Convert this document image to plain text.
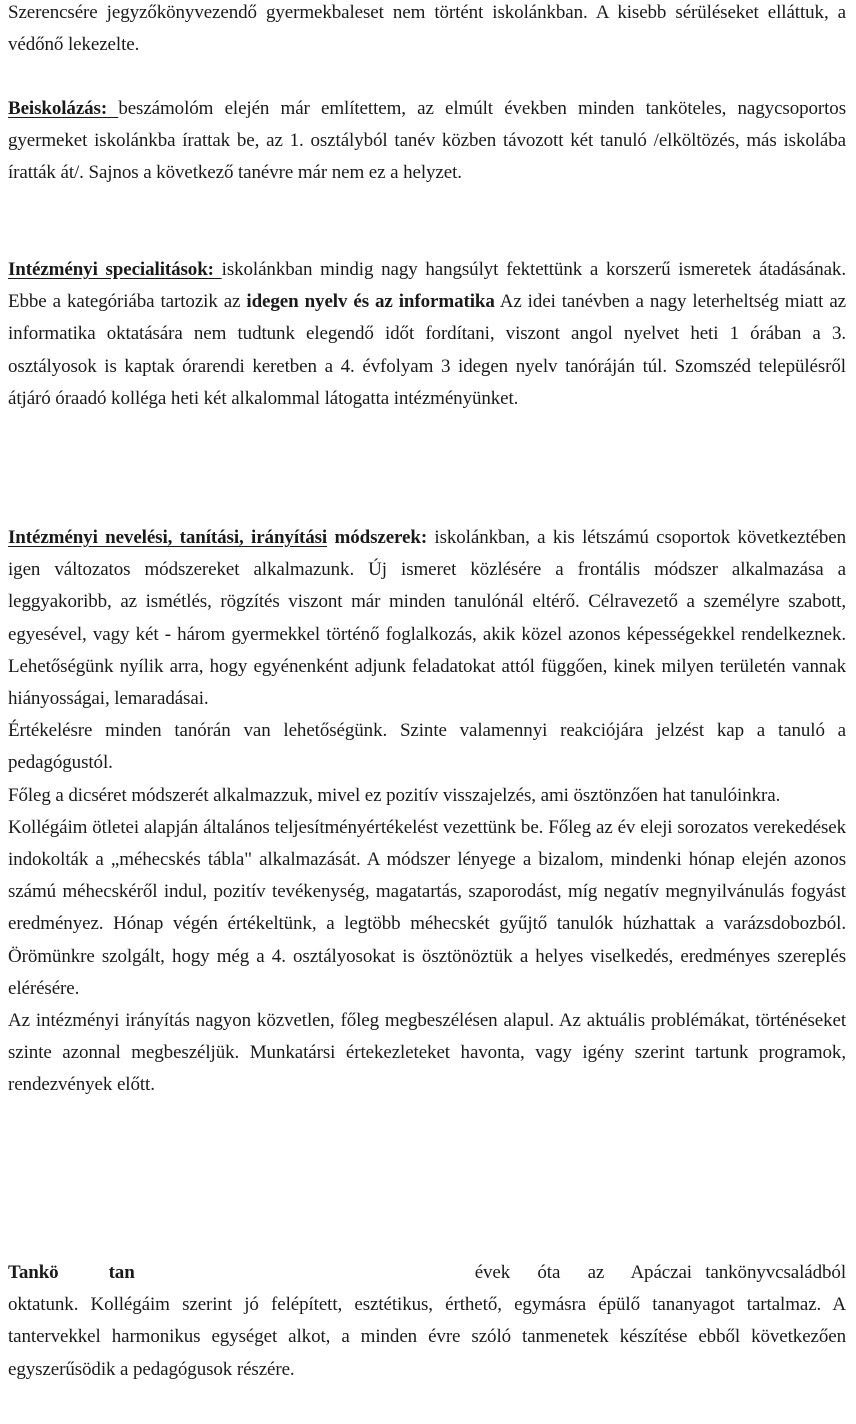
Szerencsére jegyzőkönyvezendő gyermekbaleset nem történt iskolánkban. A kisebb sérüléseket elláttuk, a védőnő lekezelte.

Beiskolázás: beszámolóm elején már említettem, az elmúlt években minden tanköteles, nagycsoportos gyermeket iskolánkba írattak be, az 1. osztályból tanév közben távozott két tanuló /elköltözés, más iskolába íratták át/. Sajnos a következő tanévre már nem ez a helyzet.

Intézményi specialitások: iskolánkban mindig nagy hangsúlyt fektettünk a korszerű ismeretek átadásának. Ebbe a kategóriába tartozik az idegen nyelv és az informatika Az idei tanévben a nagy leterheltség miatt az informatika oktatására nem tudtunk elegendő időt fordítani, viszont angol nyelvet heti 1 órában a 3. osztályosok is kaptak órarendi keretben a 4. évfolyam 3 idegen nyelv tanóráján túl. Szomszéd településről átjáró óraadó kolléga heti két alkalommal látogatta intézményünket.

Intézményi nevelési, tanítási, irányítási módszerek: iskolánkban, a kis létszámú csoportok következtében igen változatos módszereket alkalmazunk. Új ismeret közlésére a frontális módszer alkalmazása a leggyakoribb, az ismétlés, rögzítés viszont már minden tanulónál eltérő. Célravezető a személyre szabott, egyesével, vagy két - három gyermekkel történő foglalkozás, akik közel azonos képességekkel rendelkeznek. Lehetőségünk nyílik arra, hogy egyénenként adjunk feladatokat attól függően, kinek milyen területén vannak hiányosságai, lemaradásai.

Értékelésre minden tanórán van lehetőségünk. Szinte valamennyi reakciójára jelzést kap a tanuló a pedagógustól.

Főleg a dicséret módszerét alkalmazzuk, mivel ez pozitív visszajelzés, ami ösztönzően hat tanulóinkra.

Kollégáim ötletei alapján általános teljesítményértékelést vezettünk be. Főleg az év eleji sorozatos verekedések indokolták a „méhecskés tábla" alkalmazását. A módszer lényege a bizalom, mindenki hónap elején azonos számú méhecskéről indul, pozitív tevékenység, magatartás, szaporodást, míg negatív megnyilvánulás fogyást eredményez. Hónap végén értékeltünk, a legtöbb méhecskét gyűjtő tanulók húzhattak a varázsdobozból. Örömünkre szolgált, hogy még a 4. osztályosokat is ösztönöztük a helyes viselkedés, eredményes szereplés elérésére.

Az intézményi irányítás nagyon közvetlen, főleg megbeszélésen alapul. Az aktuális problémákat, történéseket szinte azonnal megbeszéljük. Munkatársi értekezleteket havonta, vagy igény szerint tartunk programok, rendezvények előtt.

Tankö	tan	évek óta az Apáczai tankönyvcsaládból oktatunk. Kollégáim szerint jó felépített, esztétikus, érthető, egymásra épülő tananyagot tartalmaz. A tantervekkel harmonikus egységet alkot, a minden évre szóló tanmenetek készítése ebből következően egyszerűsödik a pedagógusok részére.
